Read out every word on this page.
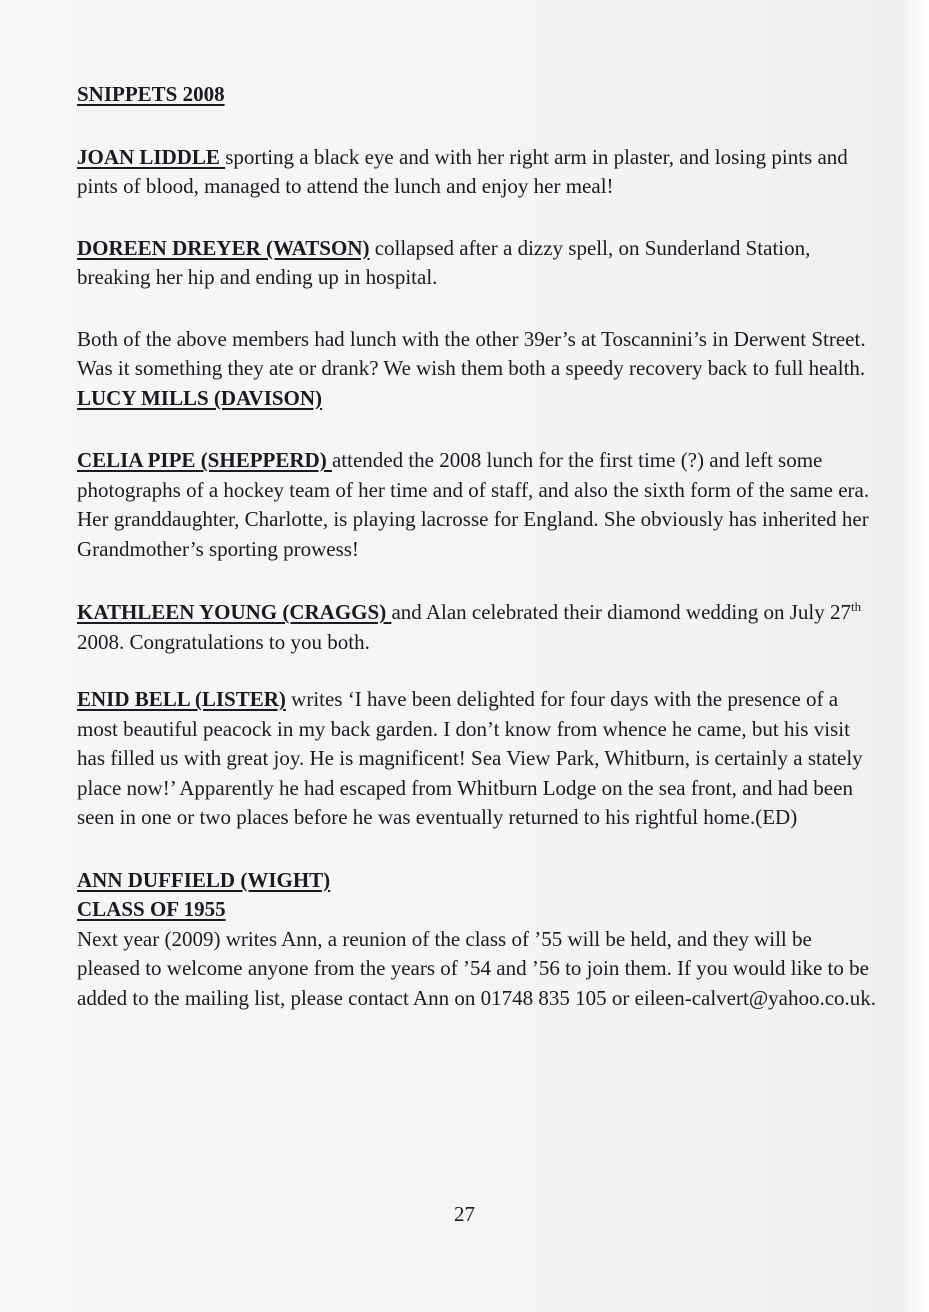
SNIPPETS 2008

JOAN LIDDLE sporting a black eye and with her right arm in plaster, and losing pints and pints of blood, managed to attend the lunch and enjoy her meal!

DOREEN DREYER (WATSON) collapsed after a dizzy spell, on Sunderland Station, breaking her hip and ending up in hospital.

Both of the above members had lunch with the other 39er’s at Toscannini’s in Derwent Street. Was it something they ate or drank? We wish them both a speedy recovery back to full health.

LUCY MILLS (DAVISON)

CELIA PIPE (SHEPPERD) attended the 2008 lunch for the first time (?) and left some photographs of a hockey team of her time and of staff, and also the sixth form of the same era. Her granddaughter, Charlotte, is playing lacrosse for England. She obviously has inherited her Grandmother’s sporting prowess!

KATHLEEN YOUNG (CRAGGS) and Alan celebrated their diamond wedding on July 27th 2008. Congratulations to you both.

ENID BELL (LISTER) writes ‘I have been delighted for four days with the presence of a most beautiful peacock in my back garden. I don’t know from whence he came, but his visit has filled us with great joy. He is magnificent! Sea View Park, Whitburn, is certainly a stately place now!’ Apparently he had escaped from Whitburn Lodge on the sea front, and had been seen in one or two places before he was eventually returned to his rightful home.(ED)

ANN DUFFIELD (WIGHT)

CLASS OF 1955

Next year (2009) writes Ann, a reunion of the class of ’55 will be held, and they will be pleased to welcome anyone from the years of ’54 and ’56 to join them. If you would like to be added to the mailing list, please contact Ann on 01748 835 105 or eileen-calvert@yahoo.co.uk.

27
